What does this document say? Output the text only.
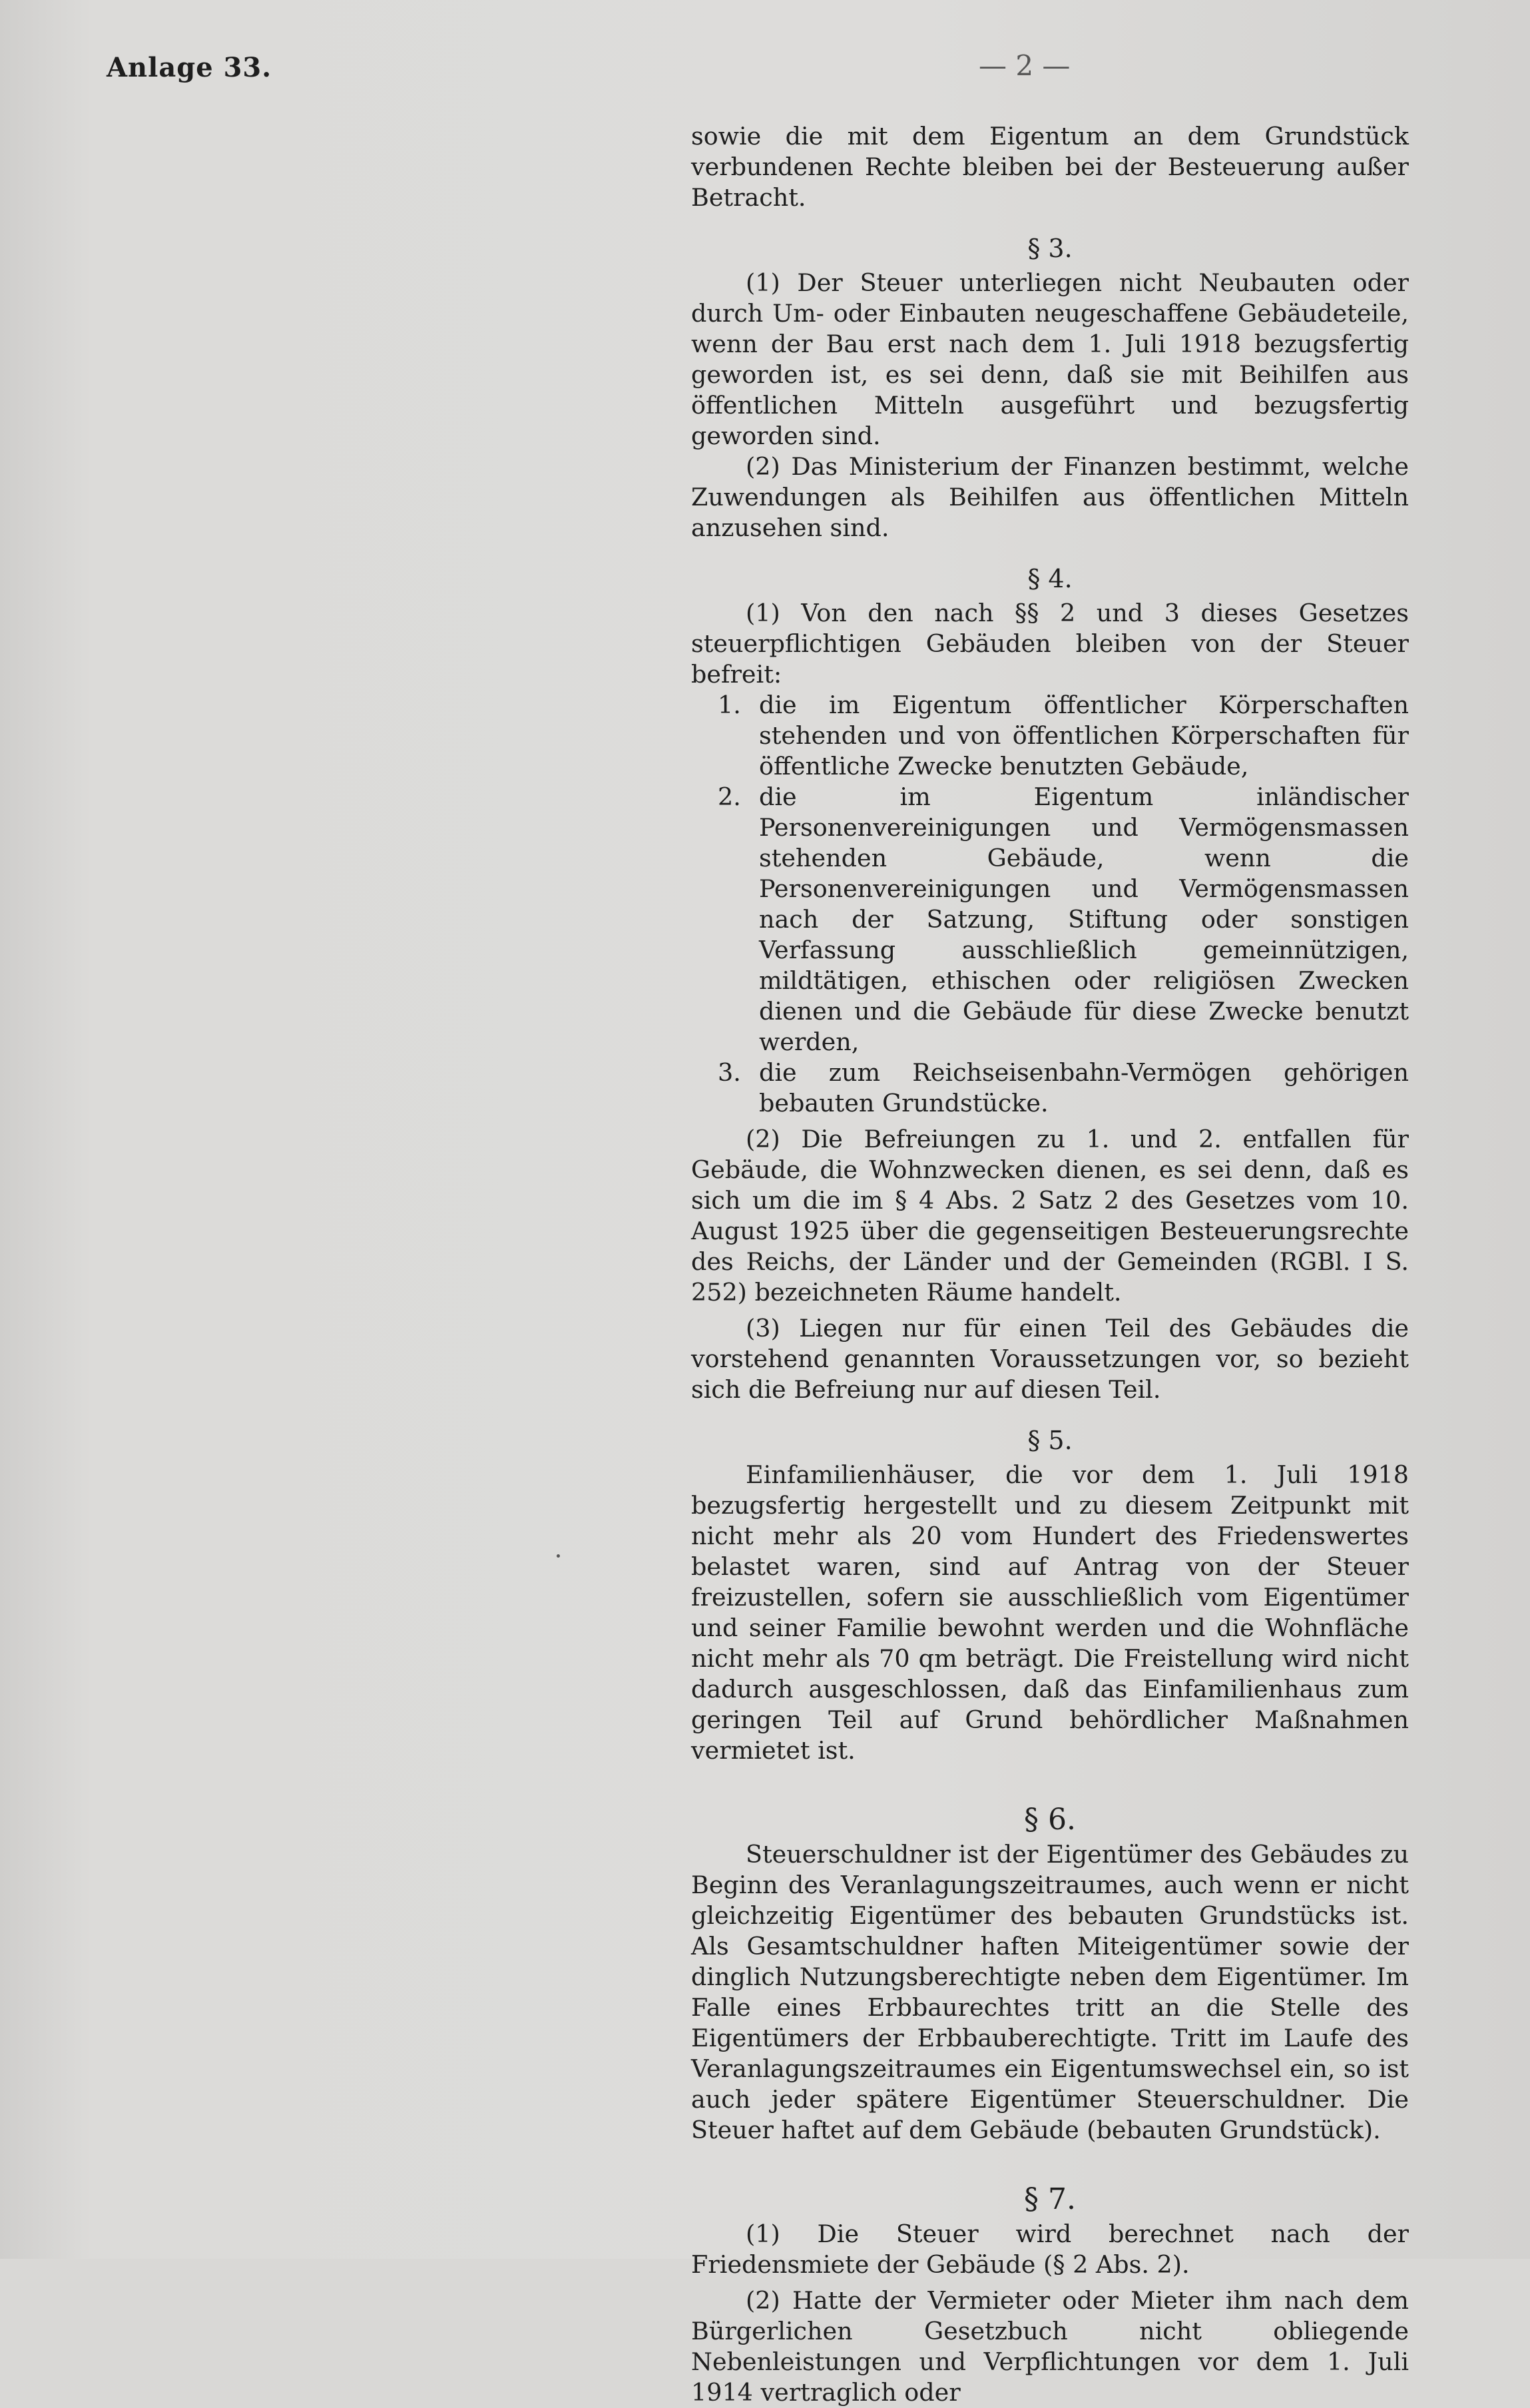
Anlage 33.	— 2 —

sowie die mit dem Eigentum an dem Grundstück verbundenen Rechte bleiben bei der Besteuerung außer Betracht.

§ 3.

(1) Der Steuer unterliegen nicht Neubauten oder durch Um- oder Einbauten neugeschaffene Gebäudeteile, wenn der Bau erst nach dem 1. Juli 1918 bezugsfertig geworden ist, es sei denn, daß sie mit Beihilfen aus öffentlichen Mitteln ausgeführt und bezugsfertig geworden sind.

(2) Das Ministerium der Finanzen bestimmt, welche Zuwendungen als Beihilfen aus öffentlichen Mitteln anzusehen sind.

§ 4.

(1) Von den nach §§ 2 und 3 dieses Gesetzes steuerpflichtigen Gebäuden bleiben von der Steuer befreit:

1. die im Eigentum öffentlicher Körperschaften stehenden und von öffentlichen Körperschaften für öffentliche Zwecke benutzten Gebäude,
2. die im Eigentum inländischer Personenvereinigungen und Vermögensmassen stehenden Gebäude, wenn die Personenvereinigungen und Vermögensmassen nach der Satzung, Stiftung oder sonstigen Verfassung ausschließlich gemeinnützigen, mildtätigen, ethischen oder religiösen Zwecken dienen und die Gebäude für diese Zwecke benutzt werden,
3. die zum Reichseisenbahn-Vermögen gehörigen bebauten Grundstücke.

(2) Die Befreiungen zu 1. und 2. entfallen für Gebäude, die Wohnzwecken dienen, es sei denn, daß es sich um die im § 4 Abs. 2 Satz 2 des Gesetzes vom 10. August 1925 über die gegenseitigen Besteuerungsrechte des Reichs, der Länder und der Gemeinden (RGBl. I S. 252) bezeichneten Räume handelt.

(3) Liegen nur für einen Teil des Gebäudes die vorstehend genannten Voraussetzungen vor, so bezieht sich die Befreiung nur auf diesen Teil.

§ 5.

Einfamilienhäuser, die vor dem 1. Juli 1918 bezugsfertig hergestellt und zu diesem Zeitpunkt mit nicht mehr als 20 vom Hundert des Friedenswertes belastet waren, sind auf Antrag von der Steuer freizustellen, sofern sie ausschließlich vom Eigentümer und seiner Familie bewohnt werden und die Wohnfläche nicht mehr als 70 qm beträgt. Die Freistellung wird nicht dadurch ausgeschlossen, daß das Einfamilienhaus zum geringen Teil auf Grund behördlicher Maßnahmen vermietet ist.

§ 6.

Steuerschuldner ist der Eigentümer des Gebäudes zu Beginn des Veranlagungszeitraumes, auch wenn er nicht gleichzeitig Eigentümer des bebauten Grundstücks ist. Als Gesamtschuldner haften Miteigentümer sowie der dinglich Nutzungsberechtigte neben dem Eigentümer. Im Falle eines Erbbaurechtes tritt an die Stelle des Eigentümers der Erbbauberechtigte. Tritt im Laufe des Veranlagungszeitraumes ein Eigentumswechsel ein, so ist auch jeder spätere Eigentümer Steuerschuldner. Die Steuer haftet auf dem Gebäude (bebauten Grundstück).

§ 7.

(1) Die Steuer wird berechnet nach der Friedensmiete der Gebäude (§ 2 Abs. 2).

(2) Hatte der Vermieter oder Mieter ihm nach dem Bürgerlichen Gesetzbuch nicht obliegende Nebenleistungen und Verpflichtungen vor dem 1. Juli 1914 vertraglich oder
